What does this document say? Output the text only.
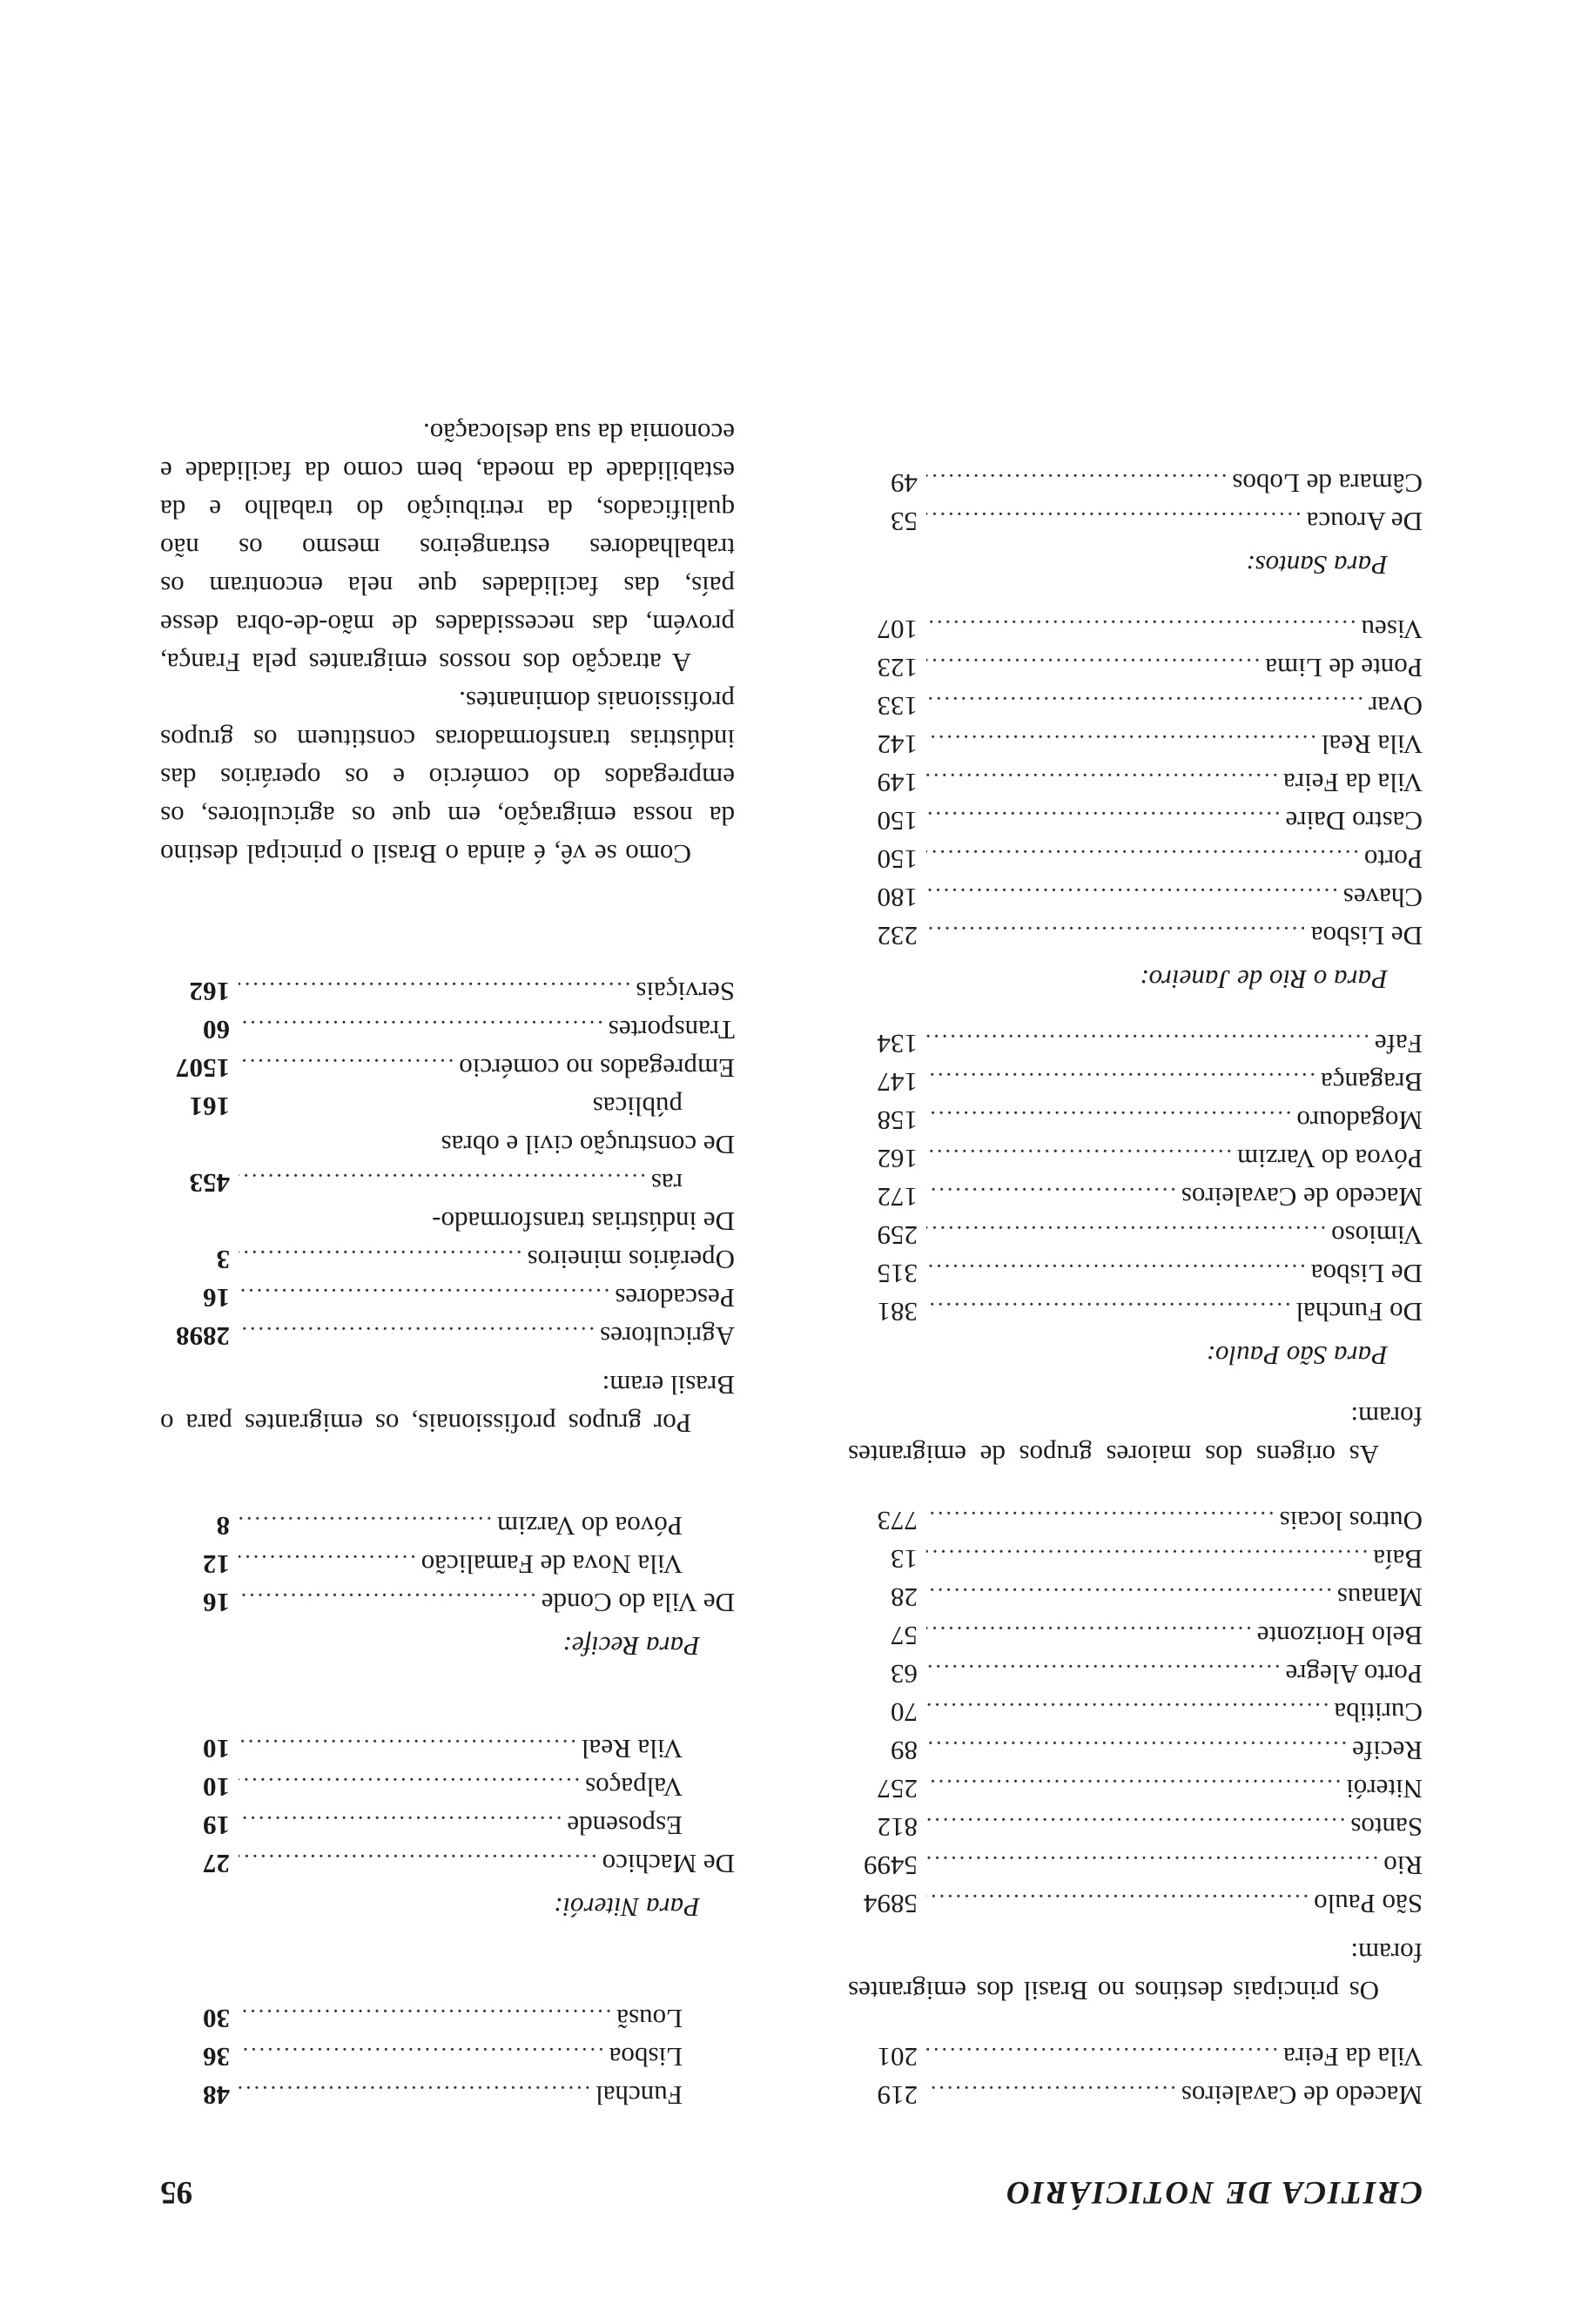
CRITICA DE NOTICIÁRIO
95
Macedo de Cavaleiros
.....
219
Vila da Feira
.....
201
Os principais destinos no Brasil dos emigrantes foram:
São Paulo
.....
5894
Rio
.....
5499
Santos
.....
812
Niterói
.....
257
Recife
.....
89
Curitiba
.....
70
Porto Alegre
.....
63
Belo Horizonte
.....
57
Manaus
.....
28
Baía
.....
13
Outros locais
.....
773
As origens dos maiores grupos de emigrantes foram:
Para São Paulo:
Do Funchal
.....
381
De Lisboa
.....
315
Vimioso
.....
259
Macedo de Cavaleiros
.....
172
Póvoa do Varzim
.....
162
Mogadouro
.....
158
Bragança
.....
147
Fafe
.....
134
Para o Rio de Janeiro:
De Lisboa
.....
232
Chaves
.....
180
Porto
.....
150
Castro Daire
.....
150
Vila da Feira
.....
149
Vila Real
.....
142
Ovar
.....
133
Ponte de Lima
.....
123
Viseu
.....
107
Para Santos:
De Arouca
.....
53
Câmara de Lobos
.....
49
Funchal
.....
48
Lisboa
.....
36
Lousã
.....
30
Para Niterói:
De Machico
.....
27
Esposende
.....
19
Valpaços
.....
10
Vila Real
.....
10
Para Recife:
De Vila do Conde
.....
16
Vila Nova de Famalicão
.....
12
Póvoa do Varzim
.....
8
Por grupos profissionais, os emigrantes para o Brasil eram:
Agricultores
.....
2898
Pescadores
.....
16
Operários mineiros
.....
3
De indústrias transformado-
ras
.....
453
De construção civil e obras
públicas
161
Empregados no comércio
.....
1507
Transportes
.....
60
Serviçais
.....
162
Como se vê, é ainda o Brasil o principal destino da nossa emigração, em que os agricultores, os empregados do comércio e os operários das indústrias transformadoras constituem os grupos profissionais dominantes.
A atracção dos nossos emigrantes pela França, provém, das necessidades de mão-de-obra desse país, das facilidades que nela encontram os trabalhadores estrangeiros mesmo os não qualificados, da retribuição do trabalho e da estabilidade da moeda, bem como da facilidade e economia da sua deslocação.
